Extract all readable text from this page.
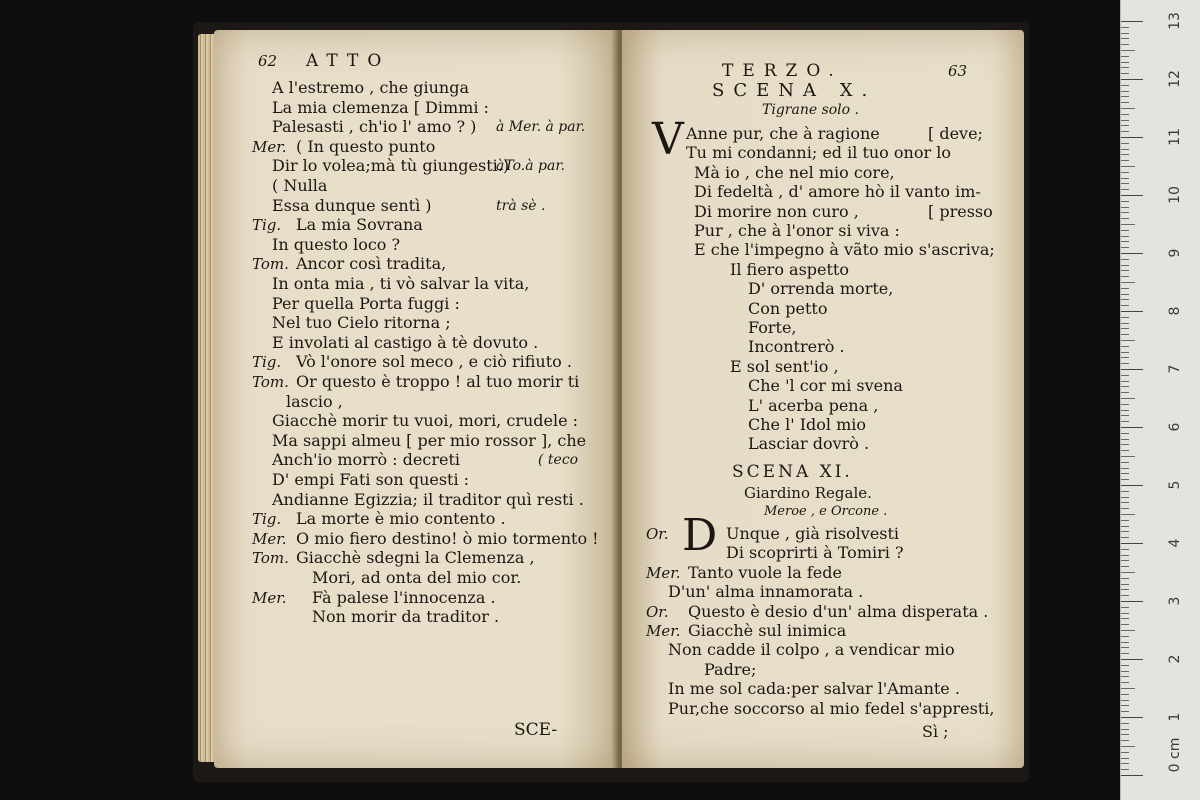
62 ATTO
A l'estremo , che giunga
La mia clemenza [ Dimmi :
Palesasti , ch'io l' amo ? ) à Mer. à par.
Mer. ( In questo punto
Dir lo volea;mà tù giungesti.)
àTo.à par.
( Nulla
Essa dunque sentì )	trà sè .
Tig. La mia Sovrana
In questo loco ?
Tom. Ancor così tradita,
In onta mia , ti vò salvar la vita,
Per quella Porta fuggi :
Nel tuo Cielo ritorna ;
E involati al castigo à tè dovuto .
Tig. Vò l'onore sol meco , e ciò rifiuto .
Tom. Or questo è troppo ! al tuo morir ti
lascio ,
Giacchè morir tu vuoi, mori, crudele :
Ma sappi almeu [ per mio rossor ], che
Anch'io morrò : decreti	( teco
D' empi Fati son questi :
Andianne Egizzia; il traditor quì resti .
Tig. La morte è mio contento .
Mer. O mio fiero destino! ò mio tormento !
Tom. Giacchè sdegni la Clemenza ,
Mori, ad onta del mio cor.
Mer. Fà palese l'innocenza .
Non morir da traditor .
SCE-
TERZO.	63
SCENA X.
Tigrane solo .
V Anne pur, che à ragione	[ deve;
Tu mi condanni; ed il tuo onor lo
Mà io , che nel mio core,
Di fedeltà , d' amore hò il vanto im-
Di morire non curo ,	[ presso
Pur , che à l'onor si viva :
E che l'impegno à vãto mio s'ascriva;
Il fiero aspetto
D' orrenda morte,
Con petto
Forte,
Incontrerò .
E sol sent'io ,
Che 'l cor mi svena
L' acerba pena ,
Che l' Idol mio
Lasciar dovrò .
SCENA XI.
Giardino Regale.
Meroe , e Orcone .
D
Or.	Unque , già risolvesti
Di scoprirti à Tomiri ?
Mer. Tanto vuole la fede
D'un' alma innamorata .
Or. Questo è desio d'un' alma disperata .
Mer. Giacchè sul inimica
Non cadde il colpo , a vendicar mio
Padre;
In me sol cada:per salvar l'Amante .
Pur,che soccorso al mio fedel s'appresti,
Sì ;
0 cm
1
2
3
4
5
6
7
8
9
10
11
12
13
